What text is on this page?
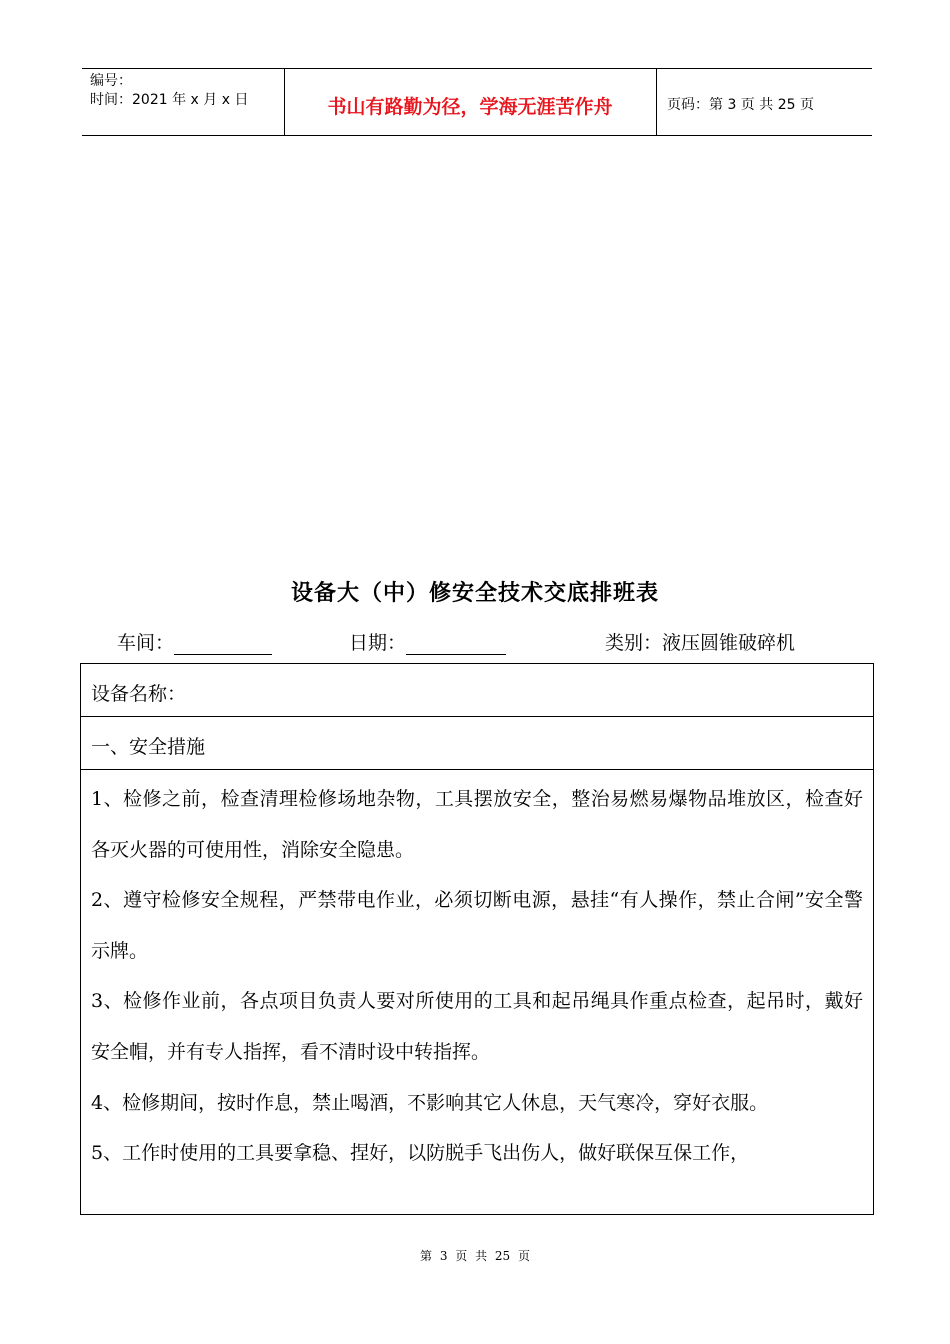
编号：
时间：2021 年 x 月 x 日	书山有路勤为径，学海无涯苦作舟	页码：第 3 页 共 25 页
设备大（中）修安全技术交底排班表
车间：	日期：	类别：液压圆锥破碎机
设备名称：
一、安全措施

1、检修之前，检查清理检修场地杂物，工具摆放安全，整治易燃易爆物品堆放区，检查好各灭火器的可使用性，消除安全隐患。

2、遵守检修安全规程，严禁带电作业，必须切断电源，悬挂“有人操作，禁止合闸”安全警示牌。

3、检修作业前，各点项目负责人要对所使用的工具和起吊绳具作重点检查，起吊时，戴好安全帽，并有专人指挥，看不清时设中转指挥。

4、检修期间，按时作息，禁止喝酒，不影响其它人休息，天气寒冷，穿好衣服。

5、工作时使用的工具要拿稳、捏好，以防脱手飞出伤人，做好联保互保工作，

第 3 页 共 25 页
